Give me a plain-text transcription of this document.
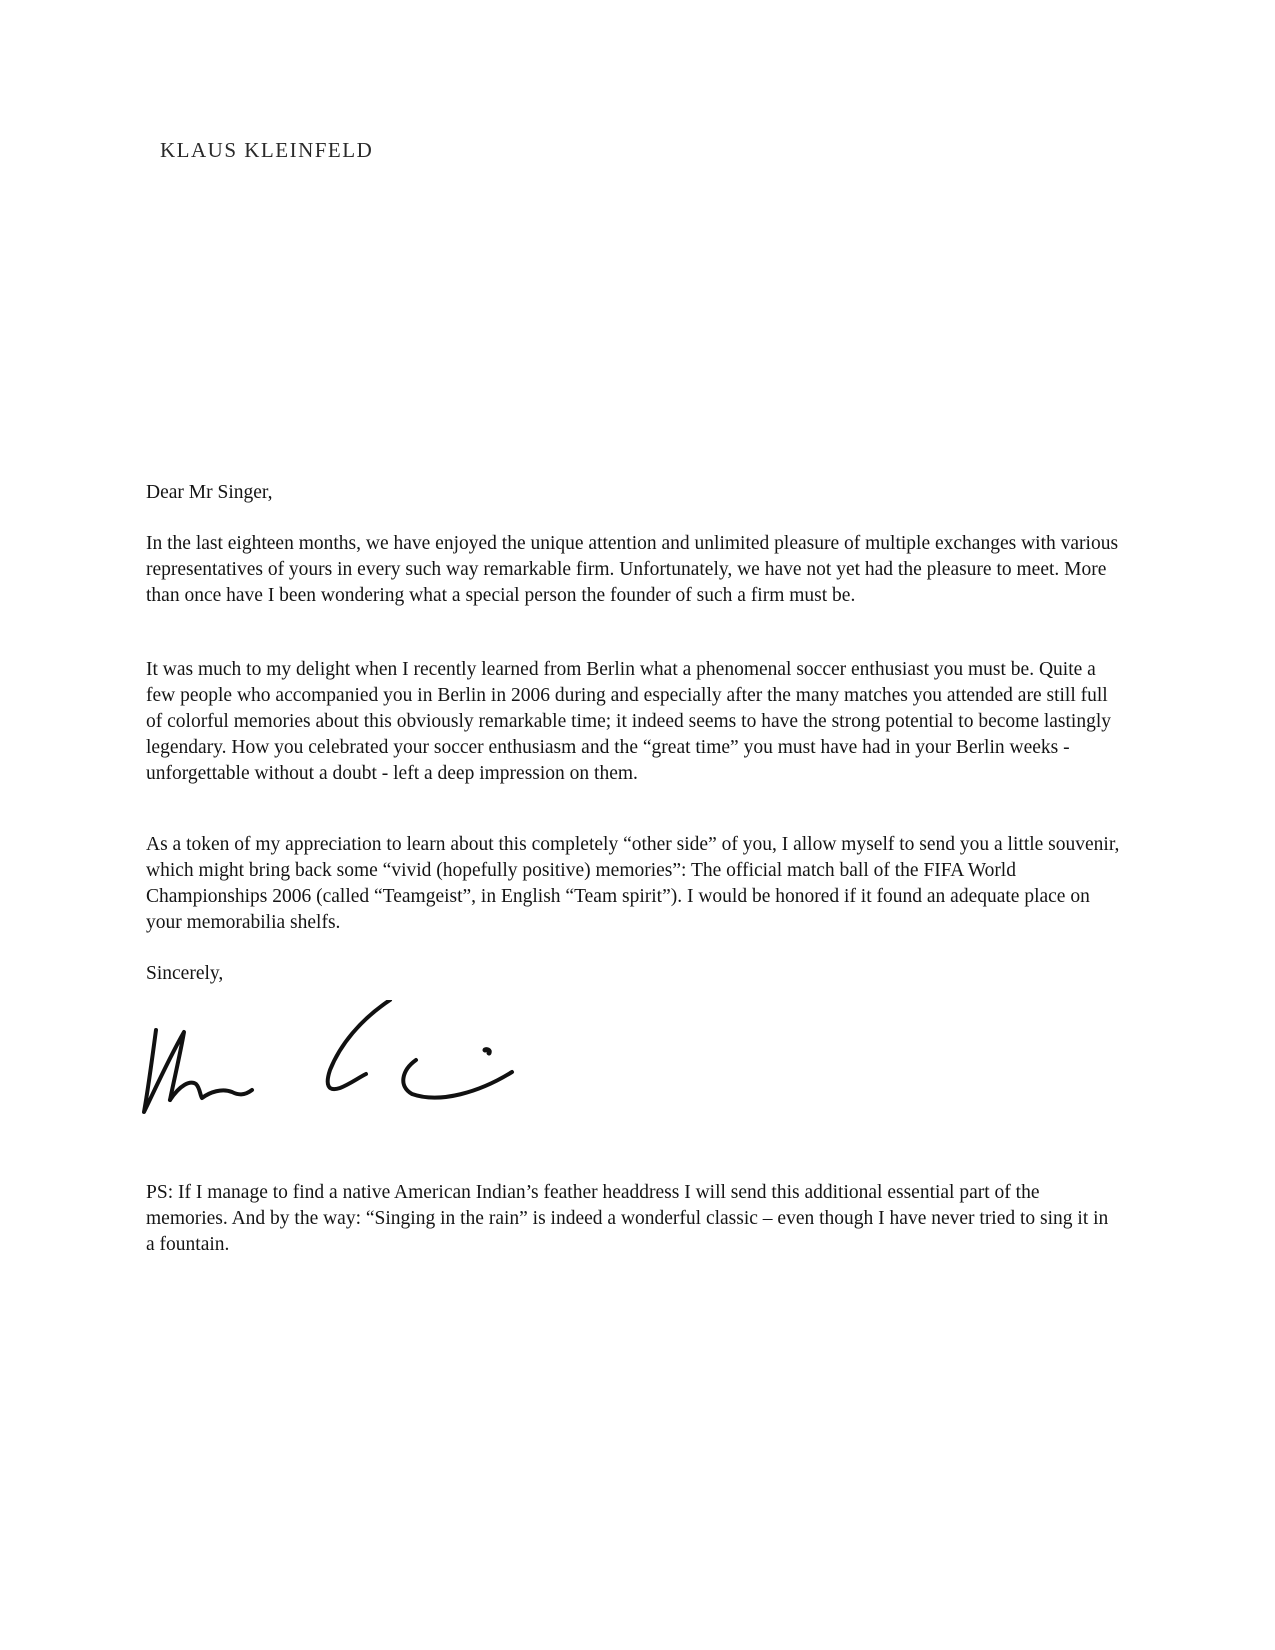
KLAUS KLEINFELD

Dear Mr Singer,

In the last eighteen months, we have enjoyed the unique attention and unlimited pleasure of multiple exchanges with various representatives of yours in every such way remarkable firm. Unfortunately, we have not yet had the pleasure to meet. More than once have I been wondering what a special person the founder of such a firm must be.

It was much to my delight when I recently learned from Berlin what a phenomenal soccer enthusiast you must be. Quite a few people who accompanied you in Berlin in 2006 during and especially after the many matches you attended are still full of colorful memories about this obviously remarkable time; it indeed seems to have the strong potential to become lastingly legendary. How you celebrated your soccer enthusiasm and the “great time” you must have had in your Berlin weeks - unforgettable without a doubt - left a deep impression on them.

As a token of my appreciation to learn about this completely “other side” of you, I allow myself to send you a little souvenir, which might bring back some “vivid (hopefully positive) memories”: The official match ball of the FIFA World Championships 2006 (called “Teamgeist”, in English “Team spirit”). I would be honored if it found an adequate place on your memorabilia shelfs.

Sincerely,

PS: If I manage to find a native American Indian’s feather headdress I will send this additional essential part of the memories. And by the way: “Singing in the rain” is indeed a wonderful classic – even though I have never tried to sing it in a fountain.
